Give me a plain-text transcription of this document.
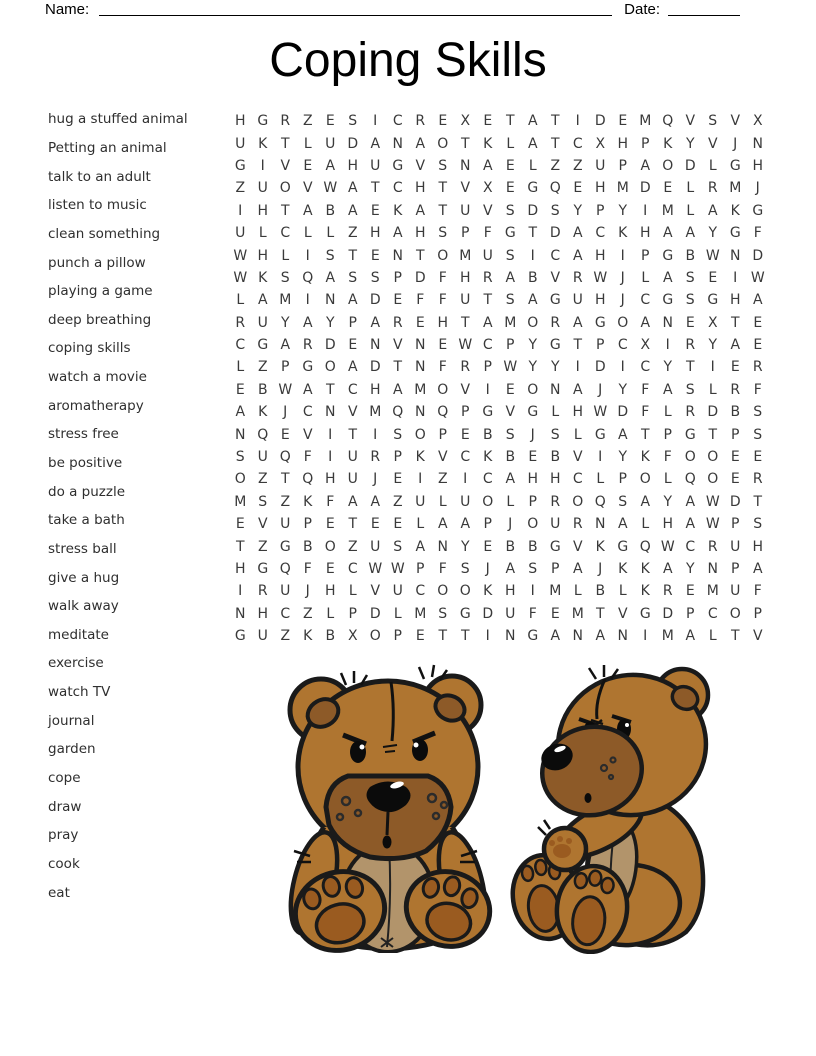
Name:	Date:
Coping Skills
hug a stuffed animal
Petting an animal
talk to an adult
listen to music
clean something
punch a pillow
playing a game
deep breathing
coping skills
watch a movie
aromatherapy
stress free
be positive
do a puzzle
take a bath
stress ball
give a hug
walk away
meditate
exercise
watch TV
journal
garden
cope
draw
pray
cook
eat
H G R Z E S	I	C R E X E T A T	I	D E M Q V S V X
U K T	L U D A N A O T K	L A T C X H P K Y V	J	N
G	I	V E A H U G V S N A E	L Z Z U P A O D L G H
Z U O V W A T C H T V X E G Q E H M D E	L R M	J
I	H T A B A E K A T U V S D S Y P	Y	I	M L A K G
U L C L	L Z H A H S P	F G T D A C K H A A Y G F
W H L	I	S T E N T O M U S	I	C A H	I	P G B W N D
W K S Q A S S P D F H R A B V R W J	L A S E	I W
L A M	I	N A D E	F	F U T S A G U H	J	C G S G H A
R U Y A Y P A R E H T A M O R A G O A N E X T E
C G A R D E N V N E W C P	Y G T P C X	I	R Y A E
L Z P G O A D T N F R P W Y Y	I	D	I	C Y T	I	E R
E B W A T C H A M O V	I	E O N A	J	Y	F A S	L R F
A K	J	C N V M Q N Q P G V G L H W D F	L R D B S
N Q E V	I	T	I	S O P E B S	J	S	L G A T P G T P S
S U Q F	I	U R P K V C K B E B V	I	Y K F O O E E
O Z T Q H U	J	E	I	Z	I	C A H H C L	P O L Q O E R
M S Z K F A A Z U L U O L	P R O Q S A Y A W D T
E V U P E T E E	L A A P	J	O U R N A L H A W P S
T Z G B O Z U S A N Y E B B G V K G Q W C R U H
H G Q F	E C W W P	F	S	J	A S P A	J	K K A Y N P A
I	R U	J	H L V U C O O K H	I	M L B L	K R E M U F
N H C Z L	P D L M S G D U F	E M T V G D P C O P
G U Z K B X O P E T T	I	N G A N A N	I	M A L	T V
